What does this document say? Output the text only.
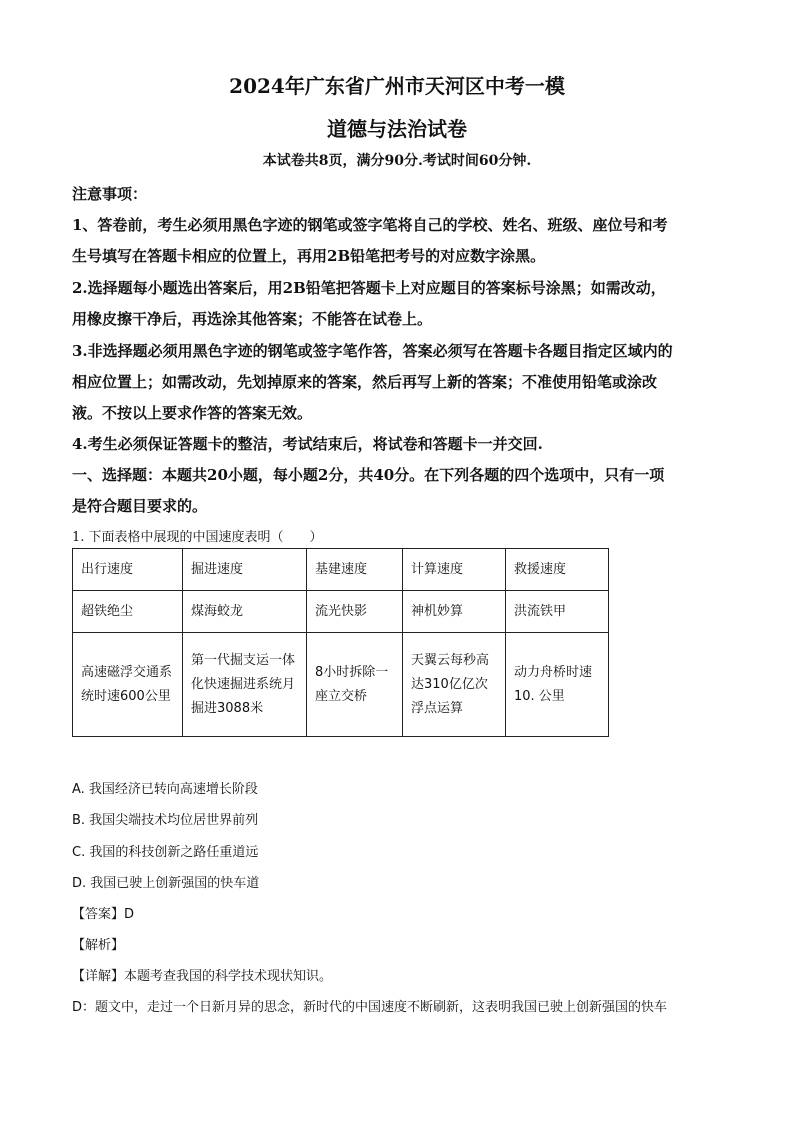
2024年广东省广州市天河区中考一模
道德与法治试卷
本试卷共8页，满分90分.考试时间60分钟.
注意事项：
1、答卷前，考生必须用黑色字迹的钢笔或签字笔将自己的学校、姓名、班级、座位号和考
生号填写在答题卡相应的位置上，再用2B铅笔把考号的对应数字涂黑。
2.选择题每小题选出答案后，用2B铅笔把答题卡上对应题目的答案标号涂黑；如需改动，
用橡皮擦干净后，再选涂其他答案；不能答在试卷上。
3.非选择题必须用黑色字迹的钢笔或签字笔作答，答案必须写在答题卡各题目指定区域内的
相应位置上；如需改动，先划掉原来的答案，然后再写上新的答案；不准使用铅笔或涂改
液。不按以上要求作答的答案无效。
4.考生必须保证答题卡的整洁，考试结束后，将试卷和答题卡一并交回.
一、选择题：本题共20小题，每小题2分，共40分。在下列各题的四个选项中，只有一项
是符合题目要求的。
1. 下面表格中展现的中国速度表明（　　）
出行速度	掘进速度	基建速度	计算速度	救援速度
超铁绝尘	煤海蛟龙	流光快影	神机妙算	洪流铁甲
高速磁浮交通系统时速600公里	第一代掘支运一体化快速掘进系统月掘进3088米	8小时拆除一座立交桥	天翼云每秒高达310亿亿次浮点运算	动力舟桥时速10. 公里
A. 我国经济已转向高速增长阶段
B. 我国尖端技术均位居世界前列
C. 我国的科技创新之路任重道远
D. 我国已驶上创新强国的快车道
【答案】D
【解析】
【详解】本题考查我国的科学技术现状知识。
D：题文中，走过一个日新月异的思念，新时代的中国速度不断刷新，这表明我国已驶上创新强国的快车
